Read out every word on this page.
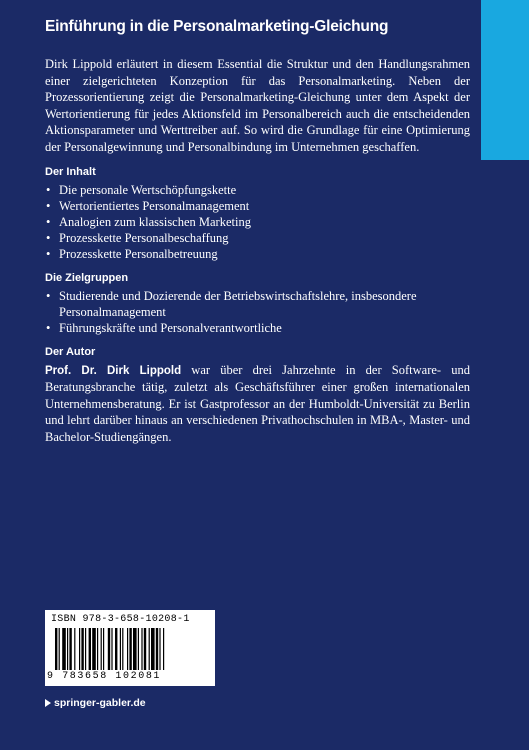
Einführung in die Personalmarketing-Gleichung

Dirk Lippold erläutert in diesem Essential die Struktur und den Handlungsrahmen einer zielgerichteten Konzeption für das Personalmarketing. Neben der Prozessorientierung zeigt die Personalmarketing-Gleichung unter dem Aspekt der Wertorientierung für jedes Aktionsfeld im Personalbereich auch die entscheidenden Aktionsparameter und Werttreiber auf. So wird die Grundlage für eine Optimierung der Personalgewinnung und Personalbindung im Unternehmen geschaffen.

Der Inhalt
• Die personale Wertschöpfungskette
• Wertorientiertes Personalmanagement
• Analogien zum klassischen Marketing
• Prozesskette Personalbeschaffung
• Prozesskette Personalbetreuung
Die Zielgruppen
• Studierende und Dozierende der Betriebswirtschaftslehre, insbesondere Personalmanagement
• Führungskräfte und Personalverantwortliche
Der Autor

Prof. Dr. Dirk Lippold war über drei Jahrzehnte in der Software- und Beratungsbranche tätig, zuletzt als Geschäftsführer einer großen internationalen Unternehmensberatung. Er ist Gastprofessor an der Humboldt-Universität zu Berlin und lehrt darüber hinaus an verschiedenen Privathochschulen in MBA-, Master- und Bachelor-Studiengängen.

ISBN 978-3-658-10208-1
9 783658 102081
springer-gabler.de
